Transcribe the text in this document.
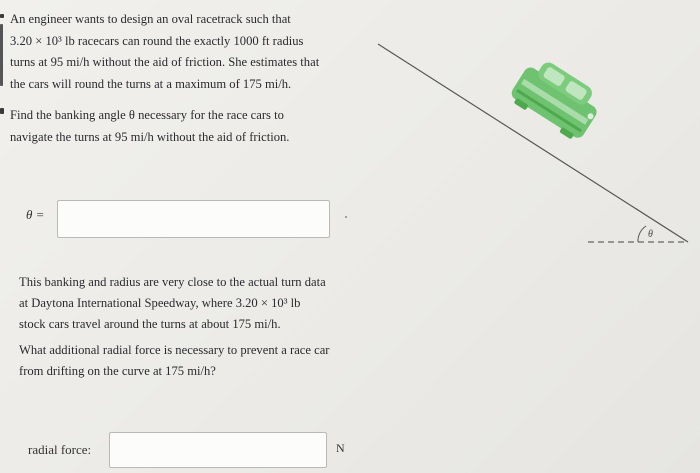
An engineer wants to design an oval racetrack such that
3.20 × 10³ lb racecars can round the exactly 1000 ft radius
turns at 95 mi/h without the aid of friction. She estimates that
the cars will round the turns at a maximum of 175 mi/h.
Find the banking angle θ necessary for the race cars to
navigate the turns at 95 mi/h without the aid of friction.
θ =
This banking and radius are very close to the actual turn data
at Daytona International Speedway, where 3.20 × 10³ lb
stock cars travel around the turns at about 175 mi/h.
What additional radial force is necessary to prevent a race car
from drifting on the curve at 175 mi/h?
radial force:	N
θ
